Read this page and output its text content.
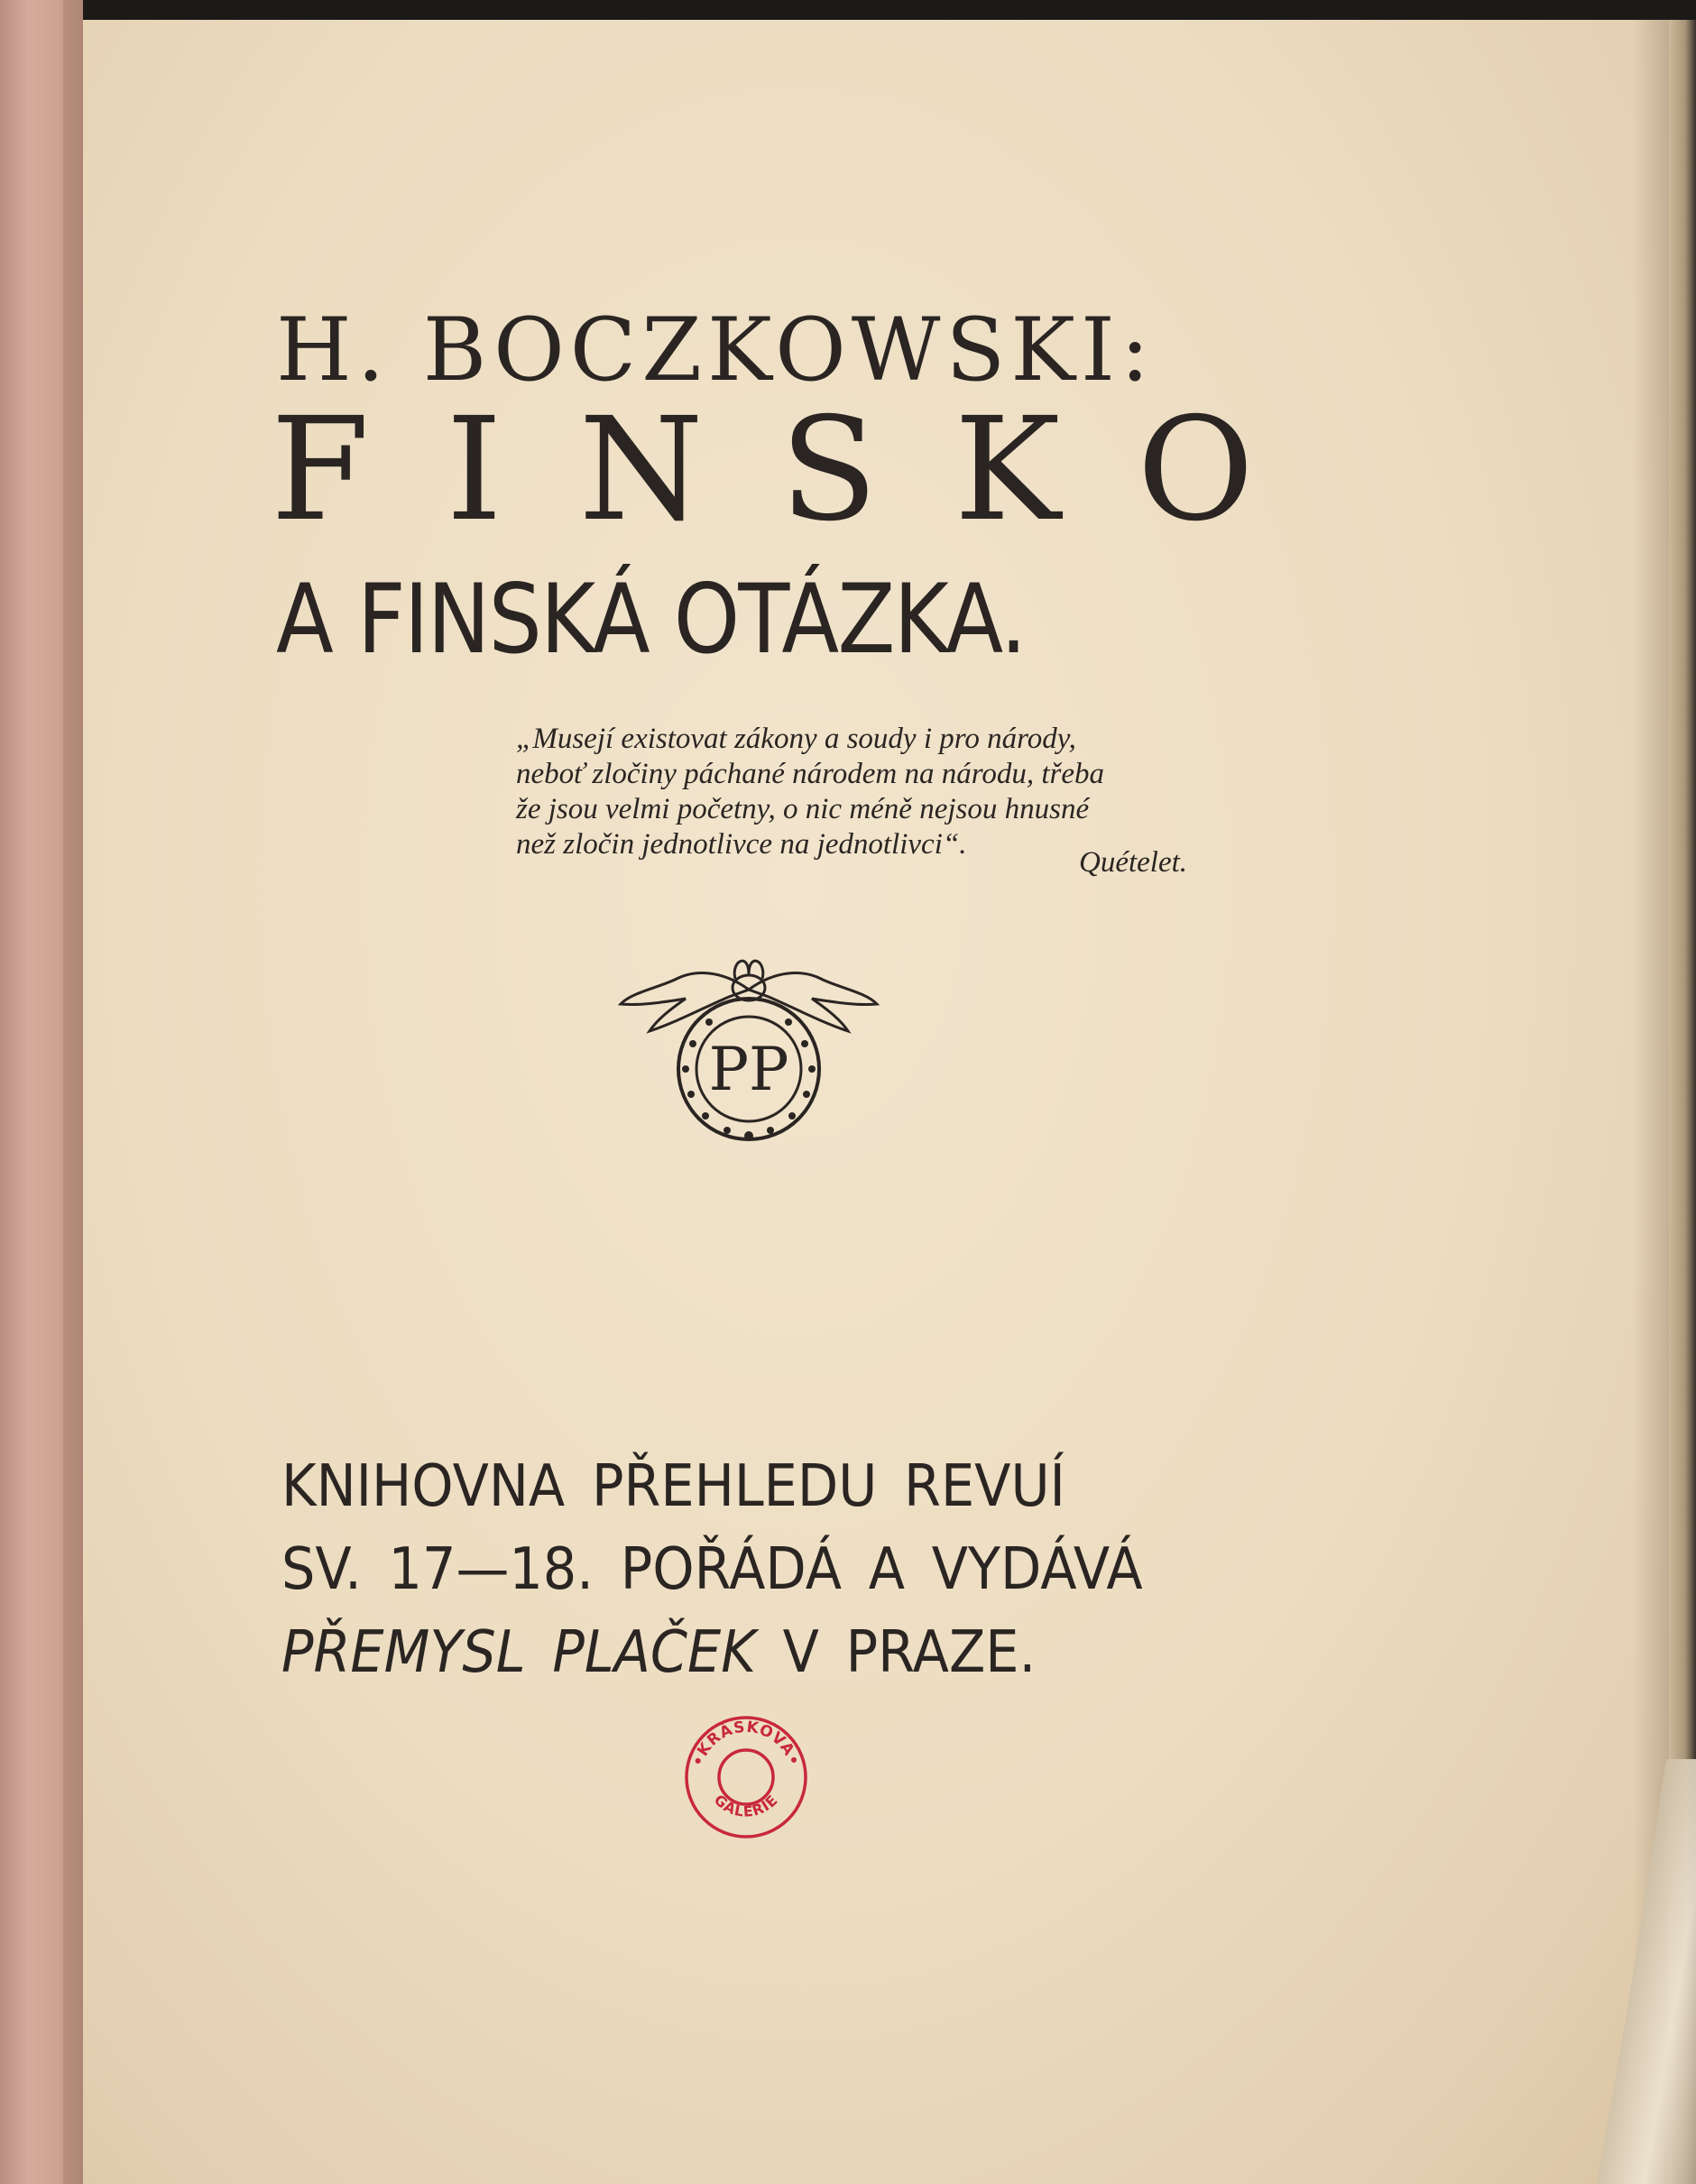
H. BOCZKOWSKI:
F I N S K O
A FINSKÁ OTÁZKA.

„Musejí existovat zákony a soudy i pro národy,

neboť zločiny páchané národem na národu, třeba

že jsou velmi početny, o nic méně nejsou hnusné

než zločin jednotlivce na jednotlivci“.

Quételet.
PP
KNIHOVNA PŘEHLEDU REVUÍ
SV. 17—18. POŘÁDÁ A VYDÁVÁ
PŘEMYSL PLAČEK V PRAZE.
•KRÁSKOVA•
GALERIE
